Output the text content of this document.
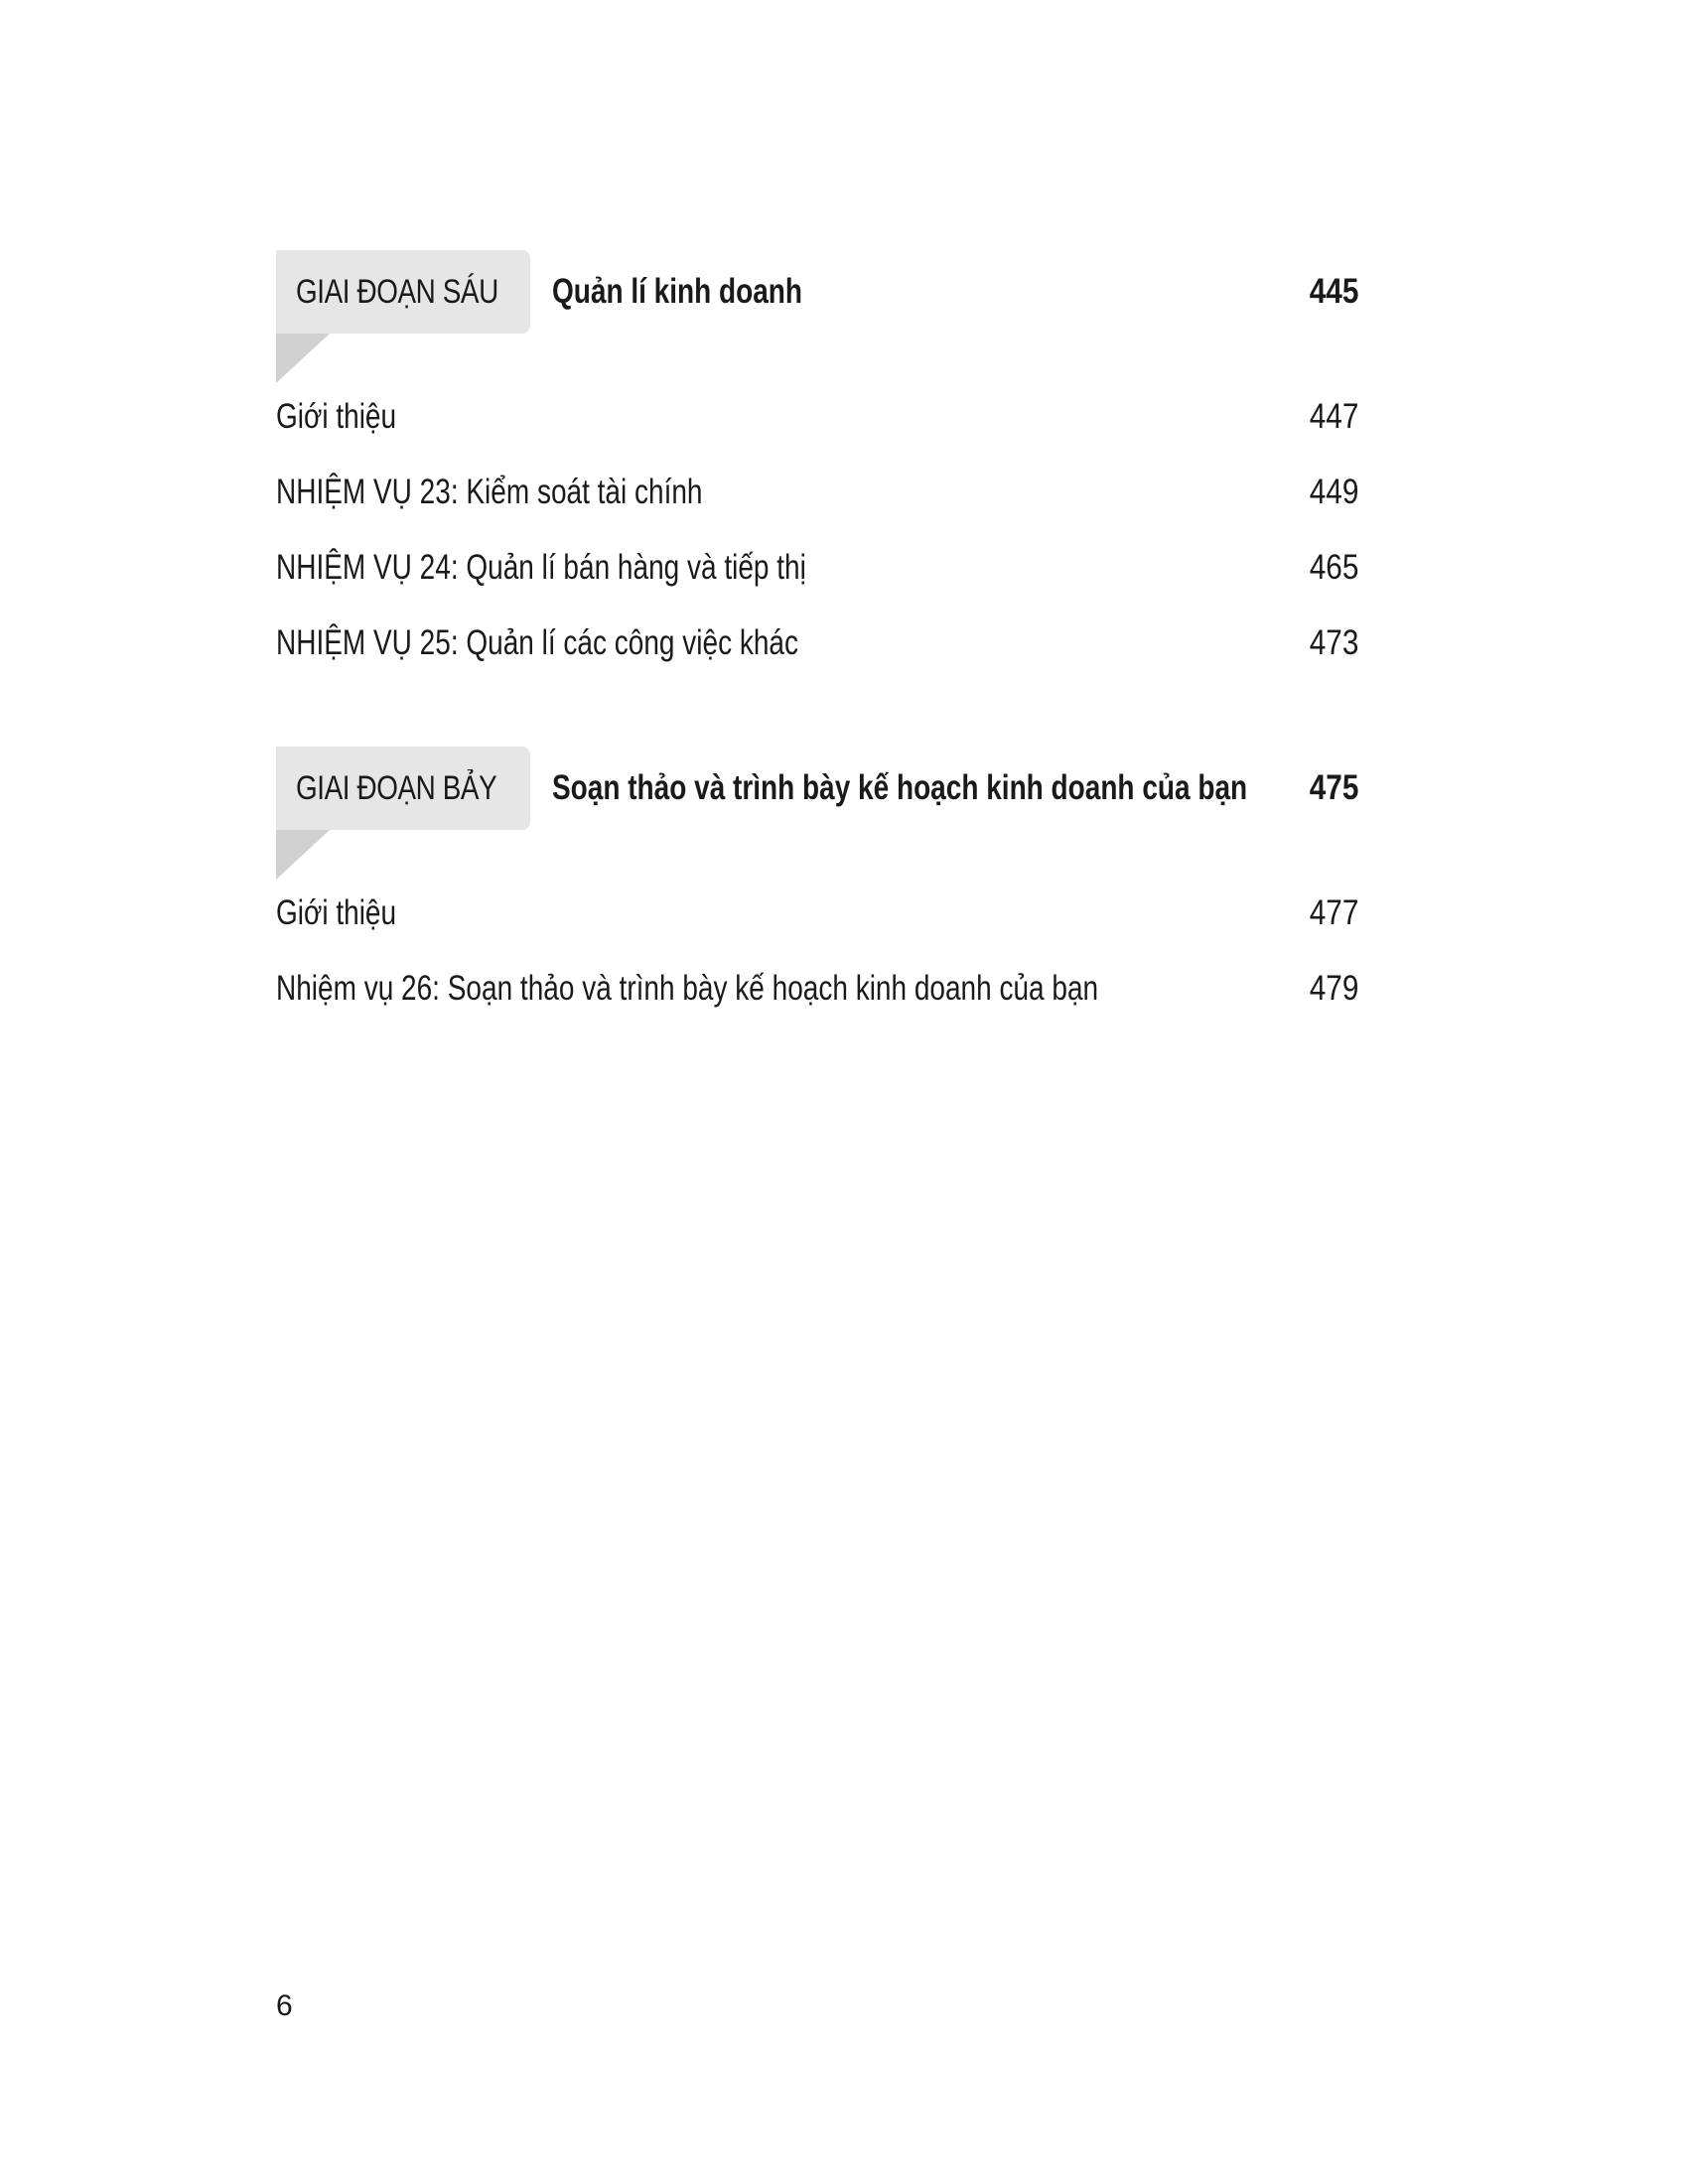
GIAI ĐOẠN SÁU Quản lí kinh doanh	445
Giới thiệu	447
NHIỆM VỤ 23: Kiểm soát tài chính	449
NHIỆM VỤ 24: Quản lí bán hàng và tiếp thị	465
NHIỆM VỤ 25: Quản lí các công việc khác	473
GIAI ĐOẠN BẢY Soạn thảo và trình bày kế hoạch kinh doanh của bạn 475
Giới thiệu	477
Nhiệm vụ 26: Soạn thảo và trình bày kế hoạch kinh doanh của bạn	479
6
